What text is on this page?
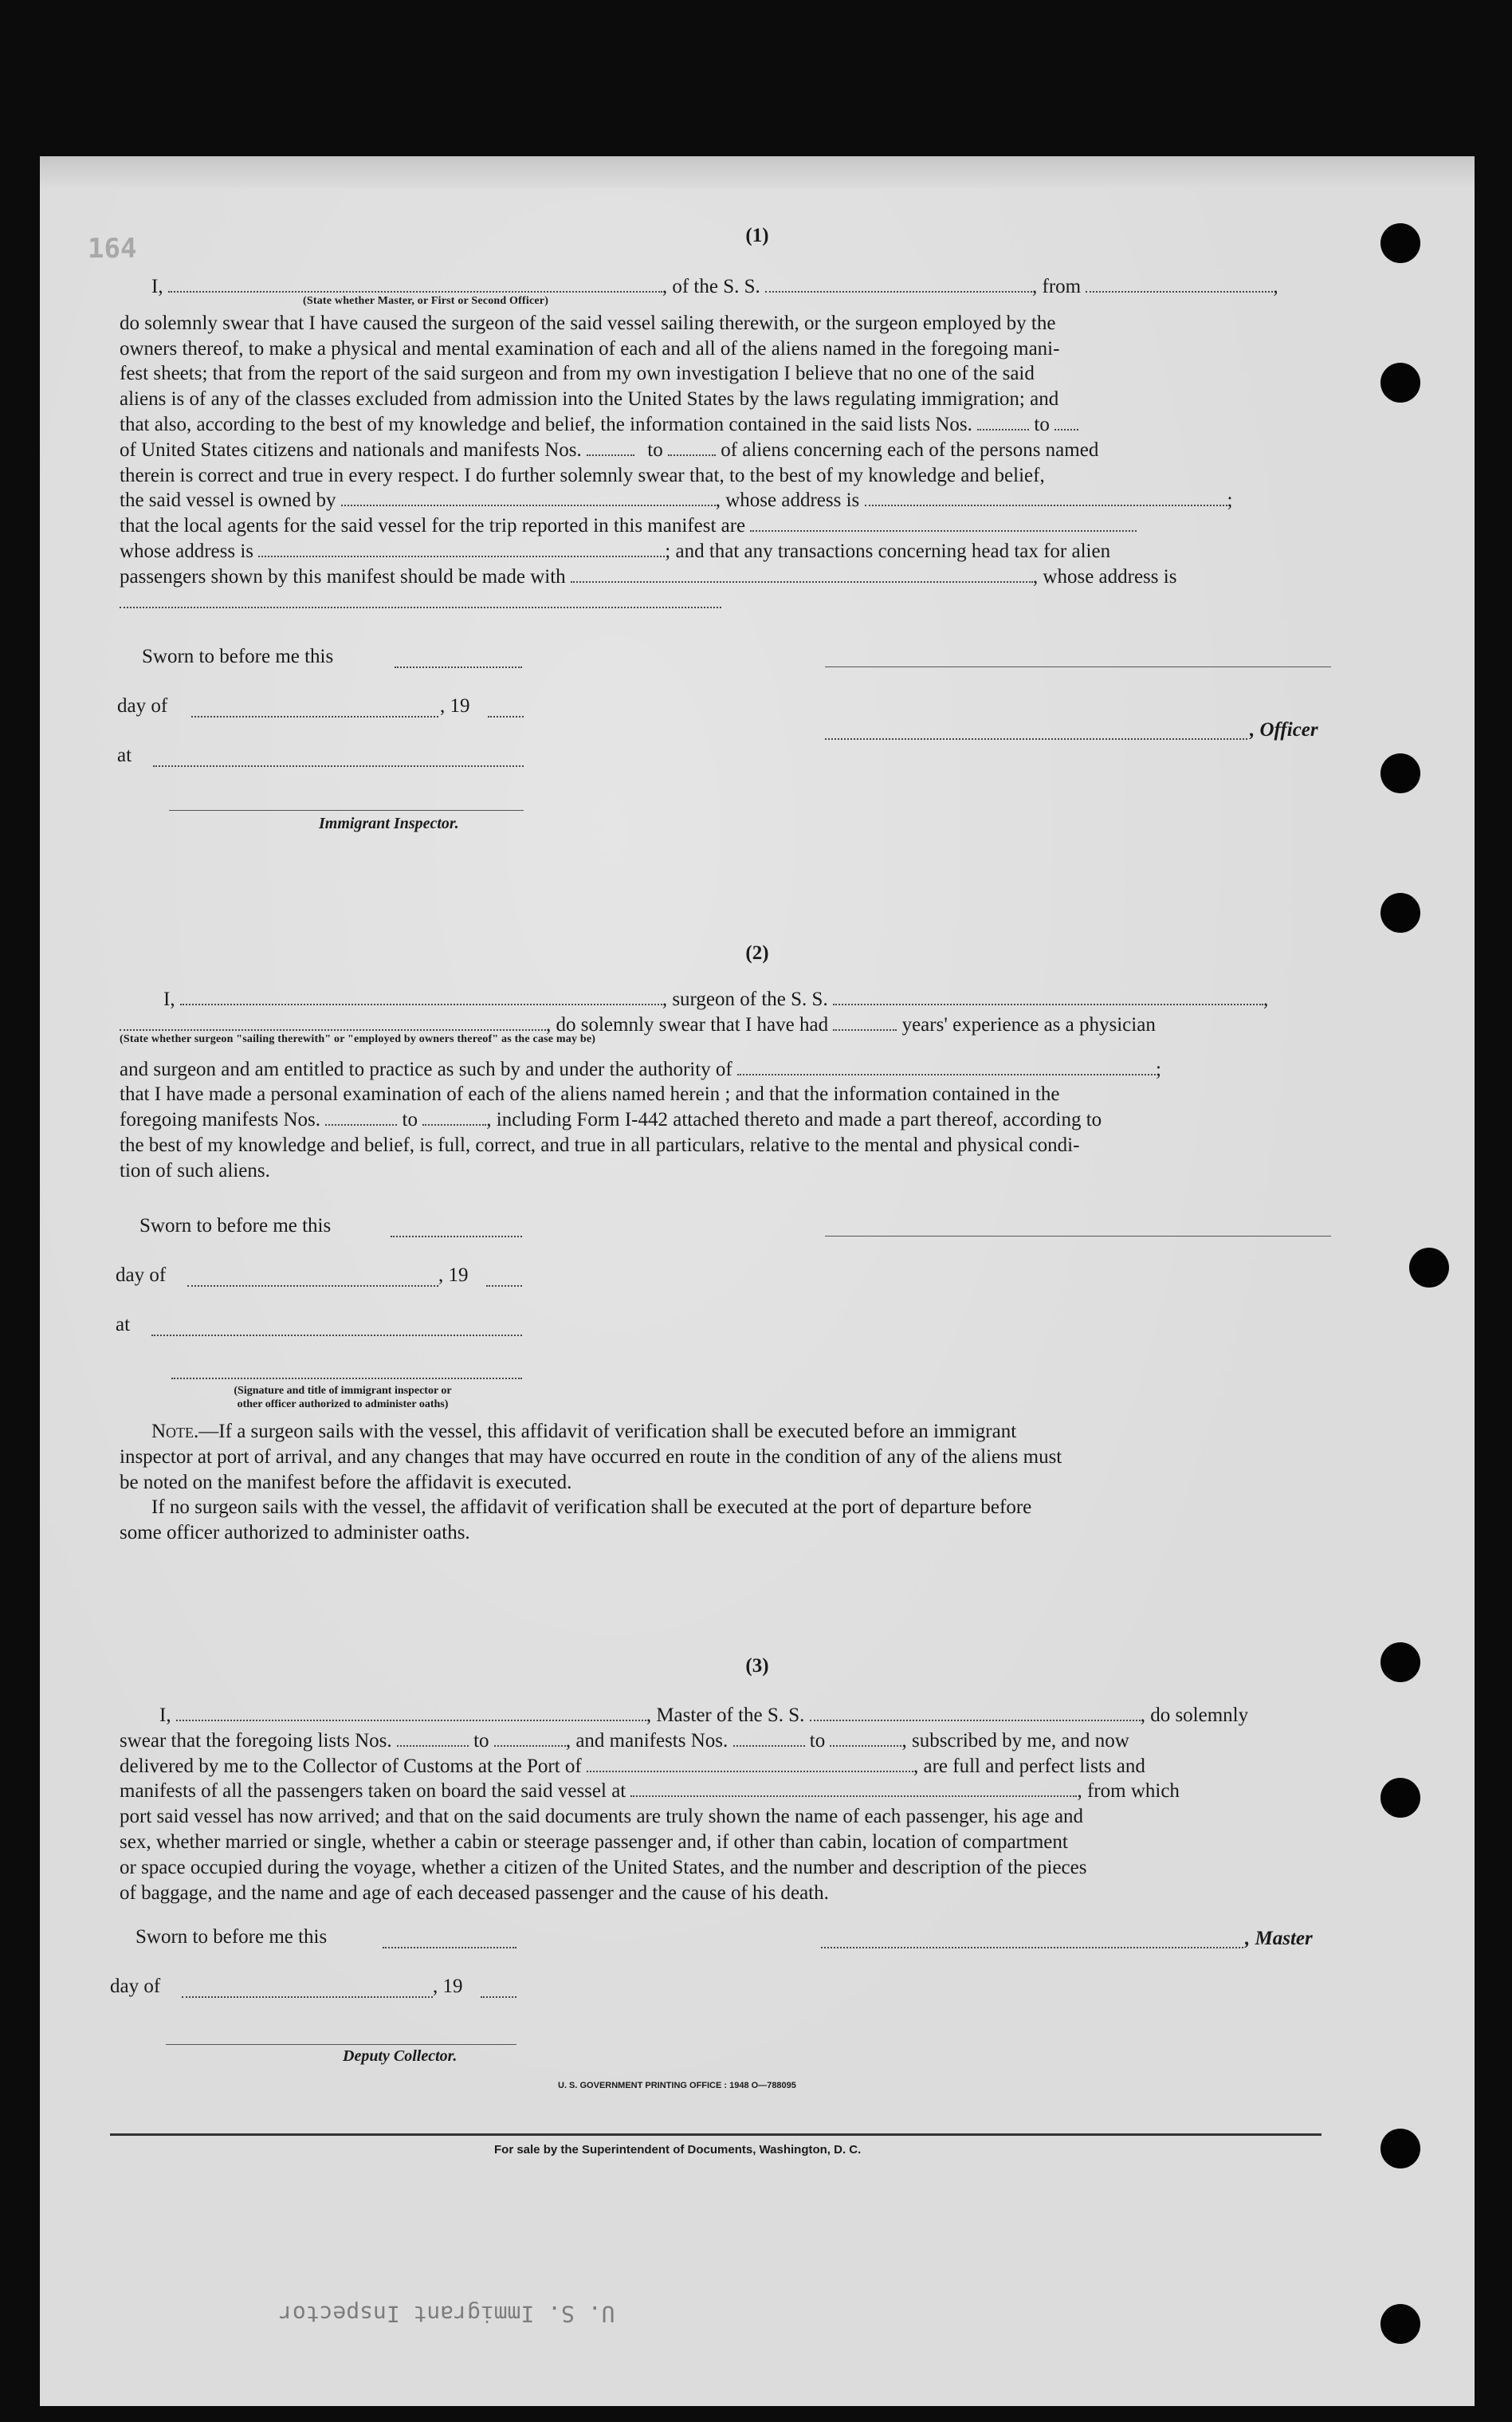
164	(1)
I,	, of the S. S.	, from	,
(State whether Master, or First or Second Officer)
do solemnly swear that I have caused the surgeon of the said vessel sailing therewith, or the surgeon employed by the
owners thereof, to make a physical and mental examination of each and all of the aliens named in the foregoing mani-
fest sheets; that from the report of the said surgeon and from my own investigation I believe that no one of the said
aliens is of any of the classes excluded from admission into the United States by the laws regulating immigration; and
that also, according to the best of my knowledge and belief, the information contained in the said lists Nos.	to
of United States citizens and nationals and manifests Nos.	to	of aliens concerning each of the persons named
therein is correct and true in every respect. I do further solemnly swear that, to the best of my knowledge and belief,
the said vessel is owned by	, whose address is	;
that the local agents for the said vessel for the trip reported in this manifest are
whose address is	; and that any transactions concerning head tax for alien
passengers shown by this manifest should be made with	, whose address is
Sworn to before me this
day of	, 19
, Officer
at
Immigrant Inspector.
(2)
I,	, surgeon of the S. S.	,
, do solemnly swear that I have had	years' experience as a physician
(State whether surgeon "sailing therewith" or "employed by owners thereof" as the case may be)
and surgeon and am entitled to practice as such by and under the authority of	;
that I have made a personal examination of each of the aliens named herein ; and that the information contained in the
foregoing manifests Nos.	to	, including Form I-442 attached thereto and made a part thereof, according to
the best of my knowledge and belief, is full, correct, and true in all particulars, relative to the mental and physical condi-
tion of such aliens.
Sworn to before me this
day of	, 19
at
(Signature and title of immigrant inspector or
other officer authorized to administer oaths)
Note.—If a surgeon sails with the vessel, this affidavit of verification shall be executed before an immigrant
inspector at port of arrival, and any changes that may have occurred en route in the condition of any of the aliens must
be noted on the manifest before the affidavit is executed.
If no surgeon sails with the vessel, the affidavit of verification shall be executed at the port of departure before
some officer authorized to administer oaths.
(3)
I,	, Master of the S. S.	, do solemnly
swear that the foregoing lists Nos.	to	, and manifests Nos.	to	, subscribed by me, and now
delivered by me to the Collector of Customs at the Port of	, are full and perfect lists and
manifests of all the passengers taken on board the said vessel at	, from which
port said vessel has now arrived; and that on the said documents are truly shown the name of each passenger, his age and
sex, whether married or single, whether a cabin or steerage passenger and, if other than cabin, location of compartment
or space occupied during the voyage, whether a citizen of the United States, and the number and description of the pieces
of baggage, and the name and age of each deceased passenger and the cause of his death.
Sworn to before me this	, Master
day of	, 19
Deputy Collector.
U. S. GOVERNMENT PRINTING OFFICE : 1948 O—788095
For sale by the Superintendent of Documents, Washington, D. C.
U. S. Immigrant Inspector
